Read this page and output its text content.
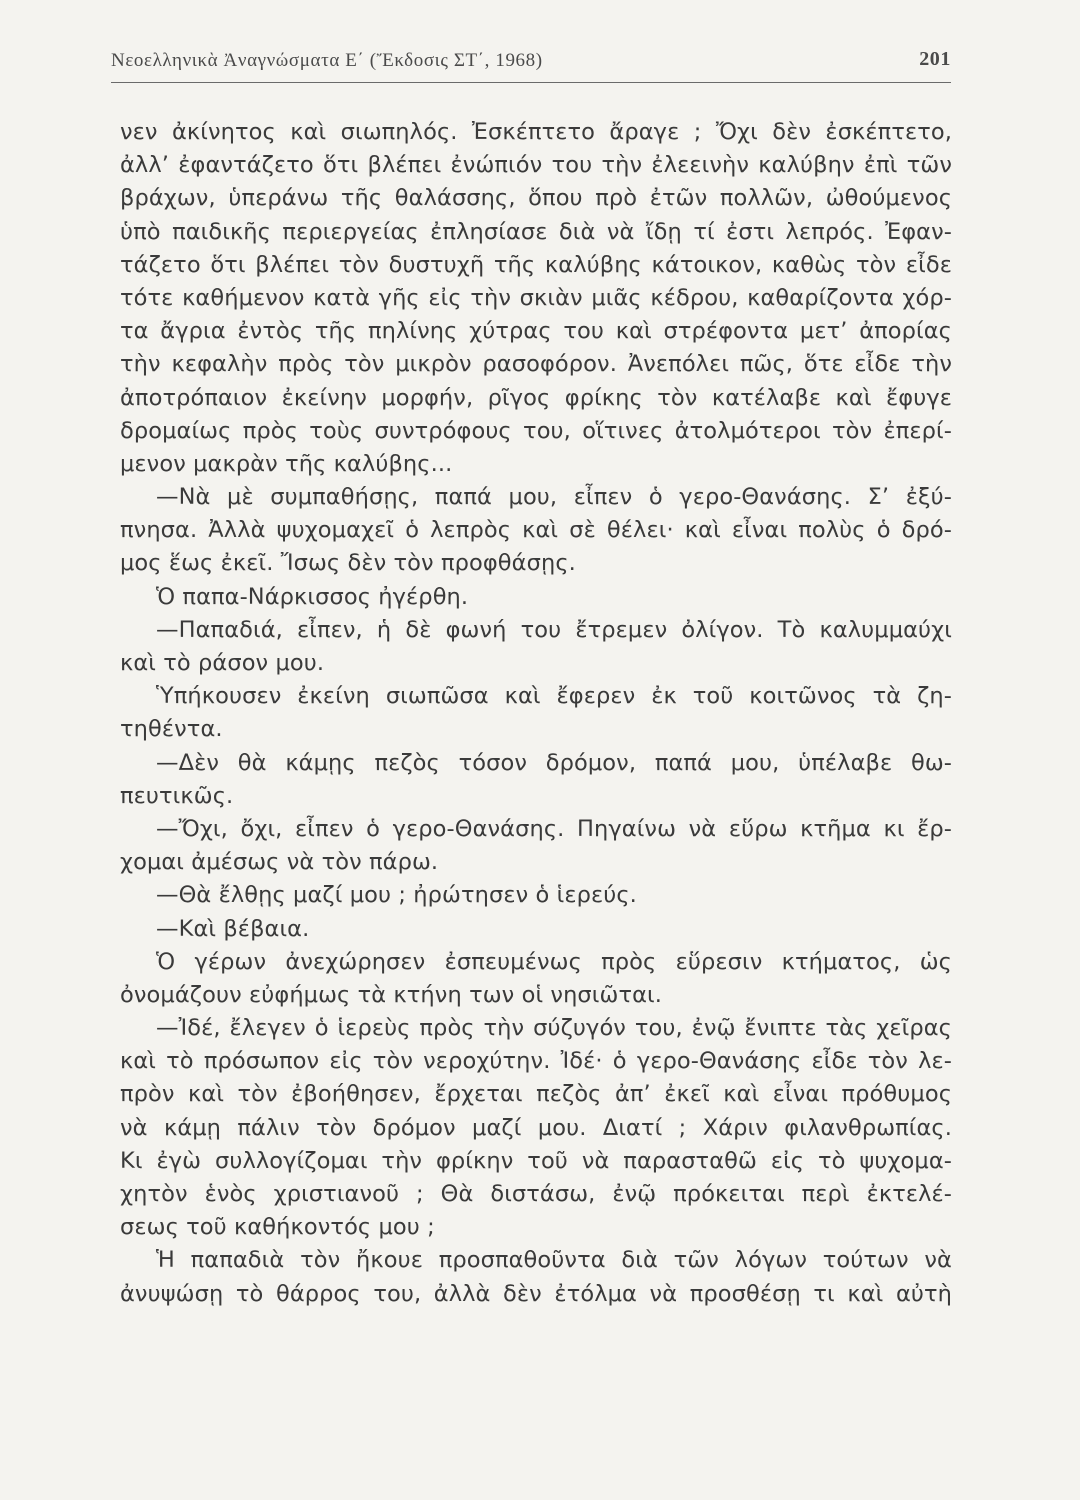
Νεοελληνικὰ Ἀναγνώσματα Ε΄ (Ἔκδοσις ΣΤ΄, 1968)	201
νεν ἀκίνητος καὶ σιωπηλός. Ἐσκέπτετο ἄραγε ; Ὄχι δὲν ἐσκέπτετο,
ἀλλ’ ἐφαντάζετο ὅτι βλέπει ἐνώπιόν του τὴν ἐλεεινὴν καλύβην ἐπὶ τῶν
βράχων, ὑπεράνω τῆς θαλάσσης, ὅπου πρὸ ἐτῶν πολλῶν, ὠθούμενος
ὑπὸ παιδικῆς περιεργείας ἐπλησίασε διὰ νὰ ἴδῃ τί ἐστι λεπρός. Ἐφαν-
τάζετο ὅτι βλέπει τὸν δυστυχῆ τῆς καλύβης κάτοικον, καθὼς τὸν εἶδε
τότε καθήμενον κατὰ γῆς εἰς τὴν σκιὰν μιᾶς κέδρου, καθαρίζοντα χόρ-
τα ἄγρια ἐντὸς τῆς πηλίνης χύτρας του καὶ στρέφοντα μετ’ ἀπορίας
τὴν κεφαλὴν πρὸς τὸν μικρὸν ρασοφόρον. Ἀνεπόλει πῶς, ὅτε εἶδε τὴν
ἀποτρόπαιον ἐκείνην μορφήν, ρῖγος φρίκης τὸν κατέλαβε καὶ ἔφυγε
δρομαίως πρὸς τοὺς συντρόφους του, οἵτινες ἀτολμότεροι τὸν ἐπερί-
μενον μακρὰν τῆς καλύβης...
—Νὰ μὲ συμπαθήσῃς, παπά μου, εἶπεν ὁ γερο-Θανάσης. Σ’ ἐξύ-
πνησα. Ἀλλὰ ψυχομαχεῖ ὁ λεπρὸς καὶ σὲ θέλει· καὶ εἶναι πολὺς ὁ δρό-
μος ἕως ἐκεῖ. Ἴσως δὲν τὸν προφθάσῃς.
Ὁ παπα-Νάρκισσος ἠγέρθη.
—Παπαδιά, εἶπεν, ἡ δὲ φωνή του ἔτρεμεν ὀλίγον. Τὸ καλυμμαύχι
καὶ τὸ ράσον μου.
Ὑπήκουσεν ἐκείνη σιωπῶσα καὶ ἔφερεν ἐκ τοῦ κοιτῶνος τὰ ζη-
τηθέντα.
—Δὲν θὰ κάμῃς πεζὸς τόσον δρόμον, παπά μου, ὑπέλαβε θω-
πευτικῶς.
—Ὄχι, ὄχι, εἶπεν ὁ γερο-Θανάσης. Πηγαίνω νὰ εὕρω κτῆμα κι ἔρ-
χομαι ἀμέσως νὰ τὸν πάρω.
—Θὰ ἔλθῃς μαζί μου ; ἠρώτησεν ὁ ἱερεύς.
—Καὶ βέβαια.
Ὁ γέρων ἀνεχώρησεν ἐσπευμένως πρὸς εὕρεσιν κτήματος, ὡς
ὀνομάζουν εὐφήμως τὰ κτήνη των οἱ νησιῶται.
—Ἰδέ, ἔλεγεν ὁ ἱερεὺς πρὸς τὴν σύζυγόν του, ἐνῷ ἔνιπτε τὰς χεῖρας
καὶ τὸ πρόσωπον εἰς τὸν νεροχύτην. Ἰδέ· ὁ γερο-Θανάσης εἶδε τὸν λε-
πρὸν καὶ τὸν ἐβοήθησεν, ἔρχεται πεζὸς ἀπ’ ἐκεῖ καὶ εἶναι πρόθυμος
νὰ κάμῃ πάλιν τὸν δρόμον μαζί μου. Διατί ; Χάριν φιλανθρωπίας.
Κι ἐγὼ συλλογίζομαι τὴν φρίκην τοῦ νὰ παρασταθῶ εἰς τὸ ψυχομα-
χητὸν ἑνὸς χριστιανοῦ ; Θὰ διστάσω, ἐνῷ πρόκειται περὶ ἐκτελέ-
σεως τοῦ καθήκοντός μου ;
Ἡ παπαδιὰ τὸν ἤκουε προσπαθοῦντα διὰ τῶν λόγων τούτων νὰ
ἀνυψώσῃ τὸ θάρρος του, ἀλλὰ δὲν ἐτόλμα νὰ προσθέσῃ τι καὶ αὐτὴ
